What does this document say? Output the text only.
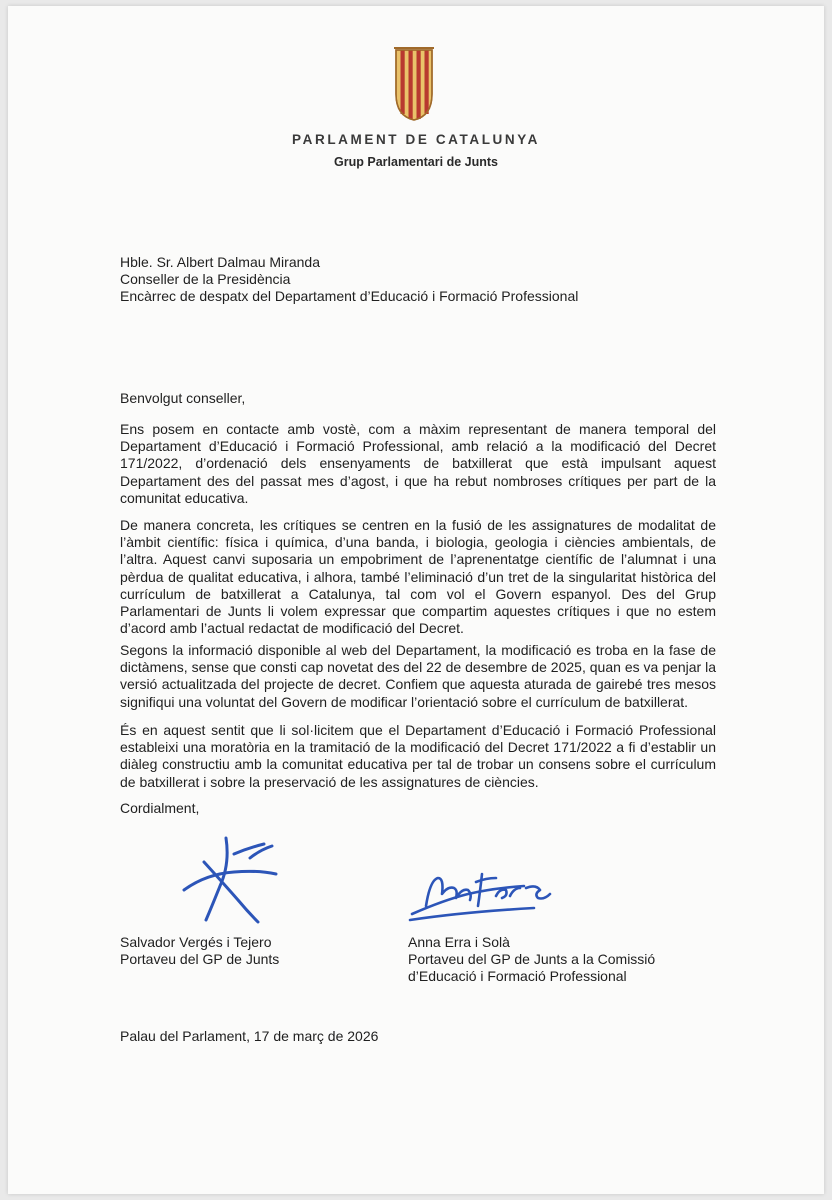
PARLAMENT DE CATALUNYA
Grup Parlamentari de Junts
Hble. Sr. Albert Dalmau Miranda
Conseller de la Presidència
Encàrrec de despatx del Departament d’Educació i Formació Professional
Benvolgut conseller,

Ens posem en contacte amb vostè, com a màxim representant de manera temporal del Departament d’Educació i Formació Professional, amb relació a la modificació del Decret 171/2022, d’ordenació dels ensenyaments de batxillerat que està impulsant aquest Departament des del passat mes d’agost, i que ha rebut nombroses crítiques per part de la comunitat educativa.

De manera concreta, les crítiques se centren en la fusió de les assignatures de modalitat de l’àmbit científic: física i química, d’una banda, i biologia, geologia i ciències ambientals, de l’altra. Aquest canvi suposaria un empobriment de l’aprenentatge científic de l’alumnat i una pèrdua de qualitat educativa, i alhora, també l’eliminació d’un tret de la singularitat històrica del currículum de batxillerat a Catalunya, tal com vol el Govern espanyol. Des del Grup Parlamentari de Junts li volem expressar que compartim aquestes crítiques i que no estem d’acord amb l’actual redactat de modificació del Decret.

Segons la informació disponible al web del Departament, la modificació es troba en la fase de dictàmens, sense que consti cap novetat des del 22 de desembre de 2025, quan es va penjar la versió actualitzada del projecte de decret. Confiem que aquesta aturada de gairebé tres mesos signifiqui una voluntat del Govern de modificar l’orientació sobre el currículum de batxillerat.

És en aquest sentit que li sol·licitem que el Departament d’Educació i Formació Professional estableixi una moratòria en la tramitació de la modificació del Decret 171/2022 a fi d’establir un diàleg constructiu amb la comunitat educativa per tal de trobar un consens sobre el currículum de batxillerat i sobre la preservació de les assignatures de ciències.

Cordialment,
Salvador Vergés i Tejero
Portaveu del GP de Junts
Anna Erra i Solà
Portaveu del GP de Junts a la Comissió
d’Educació i Formació Professional
Palau del Parlament, 17 de març de 2026
